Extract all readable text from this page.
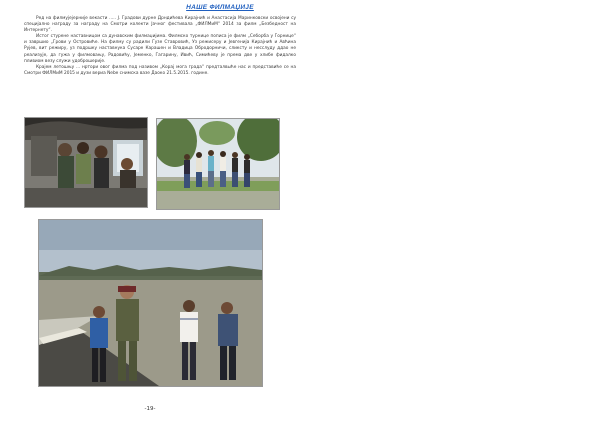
НАШЕ ФИЛМАЏИЈЕ

Ред на филмујејерније векасти ..... Ј. Градови дурне Дрндићева Кирајнић и Анастасија Маринковски освојени су специјално награду за награду на Смотри колекти Јачног фестивала „ФИЛМиМ“ 2014 за филм „Безбедност на Интернету“.

Истог стурене наставницом са дунавским филмаџијима. Филмско турнице пописа је филм „Себорба у Горнице“ и завршио „Грови у Островиће. На филму су радили Гузе Ставровић, Уз режисеру и Јевгенија Кирајнић и Авћина Рујев, вит режиру, уз подршку наставнука Сусаре Карашен и Владица Обродорничи, сликсту и несслуду ддао не реализује, да гужа у филмовању, Радовићу, Јеменко, Гагарину, Ивић, Симићеву је према две у хлибе фидалко пливиом везу служи удоброшерије.

Крајем летошњу ... нртори овог филма под називом „Корај мога града“ предталвыће нас и представиће се на Смотри ФИЛМиМ 2015 и дузи вериа Nebe снимска вазе Даоко 21.5.2015. године.

-19-
